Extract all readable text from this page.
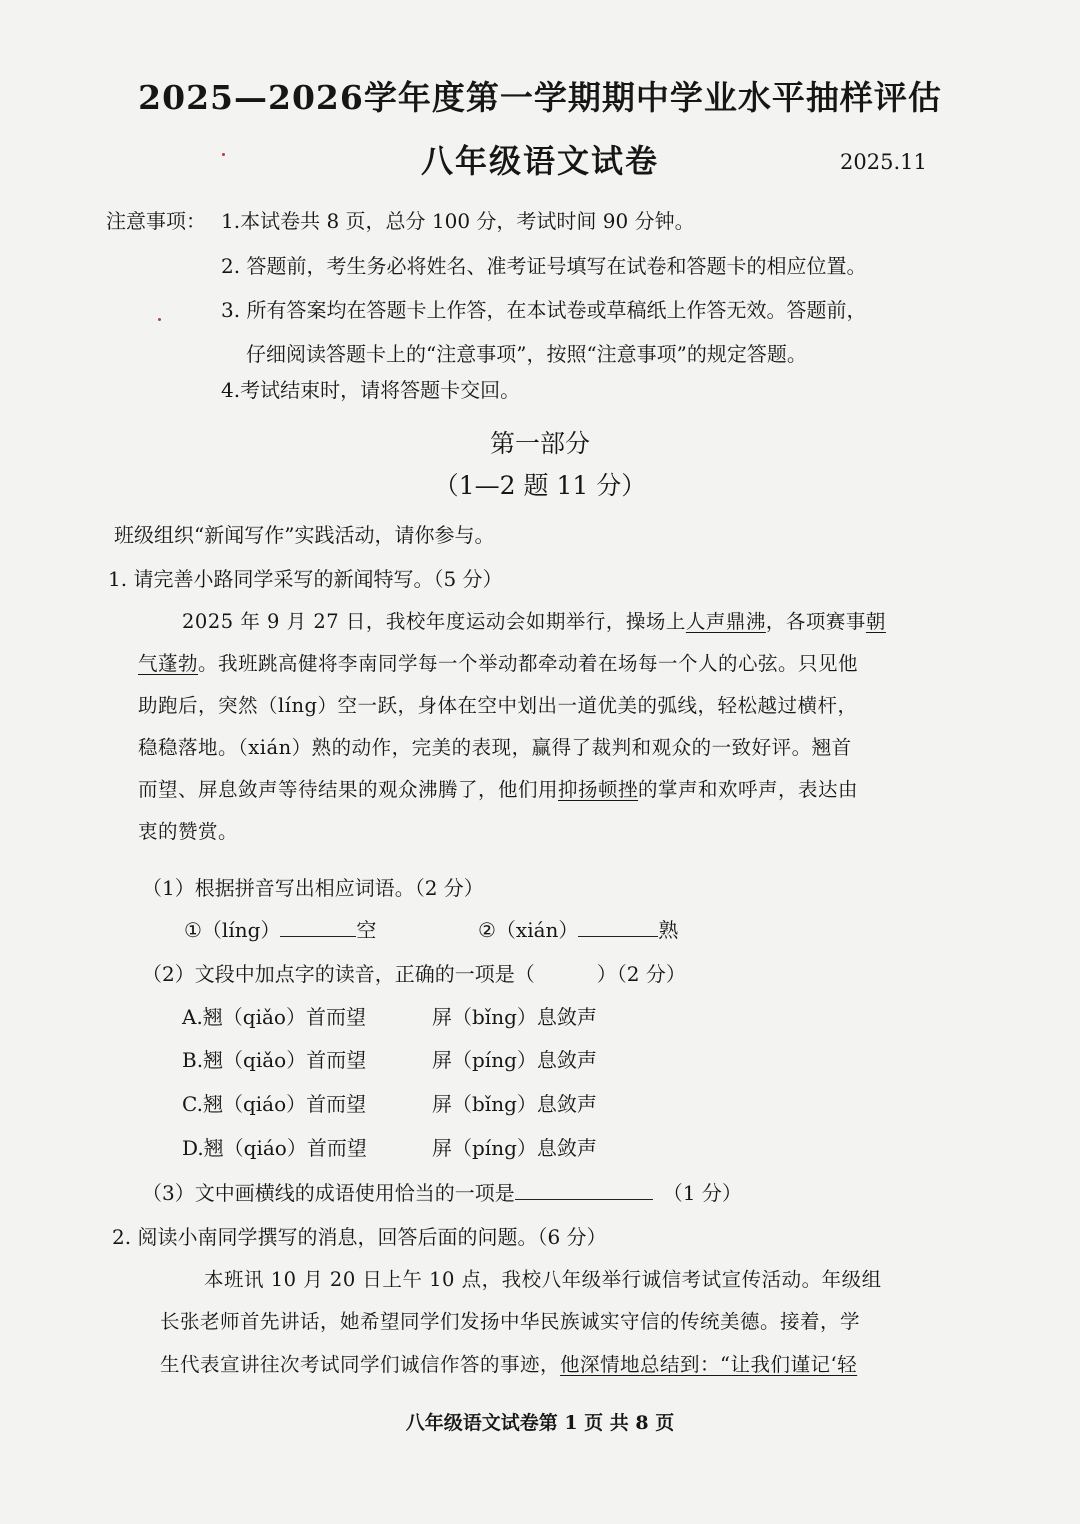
2025—2026学年度第一学期期中学业水平抽样评估
八年级语文试卷	2025.11
注意事项： 1.本试卷共 8 页，总分 100 分，考试时间 90 分钟。
2. 答题前，考生务必将姓名、准考证号填写在试卷和答题卡的相应位置。
3. 所有答案均在答题卡上作答，在本试卷或草稿纸上作答无效。答题前，
仔细阅读答题卡上的“注意事项”，按照“注意事项”的规定答题。
4.考试结束时，请将答题卡交回。
第一部分
（1—2 题 11 分）
班级组织“新闻写作”实践活动，请你参与。
1. 请完善小路同学采写的新闻特写。（5 分）
2025 年 9 月 27 日，我校年度运动会如期举行，操场上人声鼎沸，各项赛事朝
气蓬勃。我班跳高健将李南同学每一个举动都牵动着在场每一个人的心弦。只见他
助跑后，突然（líng）空一跃，身体在空中划出一道优美的弧线，轻松越过横杆，
稳稳落地。（xián）熟的动作，完美的表现，赢得了裁判和观众的一致好评。翘首
而望、屏息敛声等待结果的观众沸腾了，他们用抑扬顿挫的掌声和欢呼声，表达由
衷的赞赏。
（1）根据拼音写出相应词语。（2 分）
①（líng）	空	②（xián）	熟
（2）文段中加点字的读音，正确的一项是（	）（2 分）
A.翘（qiǎo）首而望	屏（bǐng）息敛声
B.翘（qiǎo）首而望	屏（píng）息敛声
C.翘（qiáo）首而望	屏（bǐng）息敛声
D.翘（qiáo）首而望	屏（píng）息敛声
（3）文中画横线的成语使用恰当的一项是	（1 分）
2. 阅读小南同学撰写的消息，回答后面的问题。（6 分）
本班讯 10 月 20 日上午 10 点，我校八年级举行诚信考试宣传活动。年级组
长张老师首先讲话，她希望同学们发扬中华民族诚实守信的传统美德。接着，学
生代表宣讲往次考试同学们诚信作答的事迹，他深情地总结到：“让我们谨记‘轻
八年级语文试卷第 1 页 共 8 页
